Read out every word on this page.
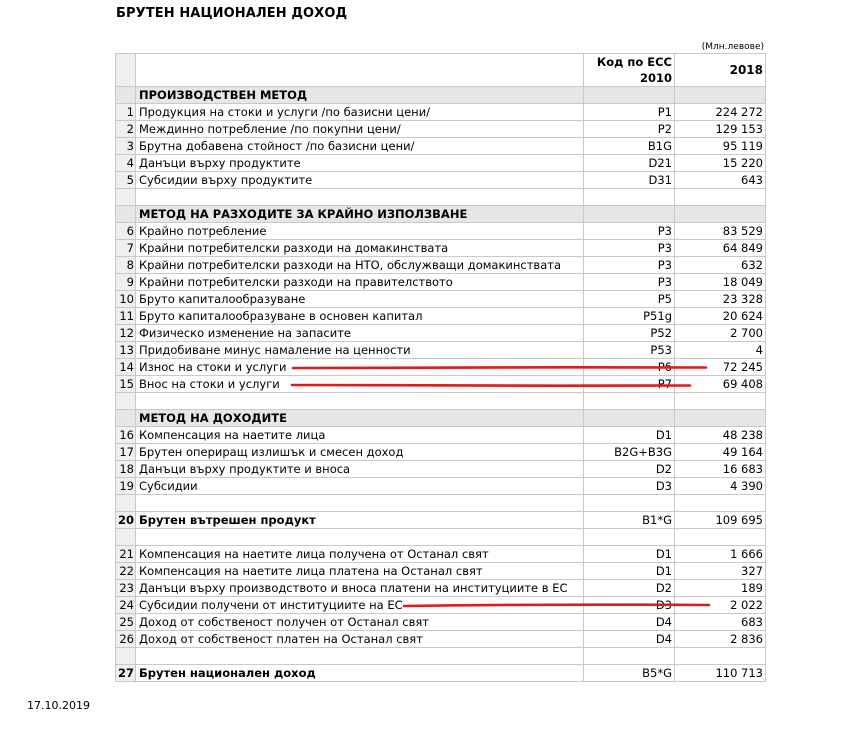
БРУТЕН НАЦИОНАЛЕН ДОХОД
(Млн.левове)
		Код по ЕСС 2010	2018
	ПРОИЗВОДСТВЕН МЕТОД		
1	Продукция на стоки и услуги /по базисни цени/	P1	224 272
2	Междинно потребление /по покупни цени/	P2	129 153
3	Брутна добавена стойност /по базисни цени/	B1G	95 119
4	Данъци върху продуктите	D21	15 220
5	Субсидии върху продуктите	D31	643

	МЕТОД НА РАЗХОДИТЕ ЗА КРАЙНО ИЗПОЛЗВАНЕ		
6	Крайно потребление	P3	83 529
7	Крайни потребителски разходи на домакинствата	P3	64 849
8	Крайни потребителски разходи на НТО, обслужващи домакинствата	P3	632
9	Крайни потребителски разходи на правителството	P3	18 049
10	Бруто капиталообразуване	P5	23 328
11	Бруто капиталообразуване в основен капитал	P51g	20 624
12	Физическо изменение на запасите	P52	2 700
13	Придобиване минус намаление на ценности	P53	4
14	Износ на стоки и услуги	P6	72 245
15	Внос на стоки и услуги	P7	69 408

	МЕТОД НА ДОХОДИТЕ		
16	Компенсация на наетите лица	D1	48 238
17	Брутен опериращ излишък и смесен доход	B2G+B3G	49 164
18	Данъци върху продуктите и вноса	D2	16 683
19	Субсидии	D3	4 390

20	Брутен вътрешен продукт	B1*G	109 695

21	Компенсация на наетите лица получена от Останал свят	D1	1 666
22	Компенсация на наетите лица платена на Останал свят	D1	327
23	Данъци върху производството и вноса платени на институциите в ЕС	D2	189
24	Субсидии получени от институциите на ЕС	D3	2 022
25	Доход от собственост получен от Останал свят	D4	683
26	Доход от собственост платен на Останал свят	D4	2 836

27	Брутен национален доход	B5*G	110 713
17.10.2019
